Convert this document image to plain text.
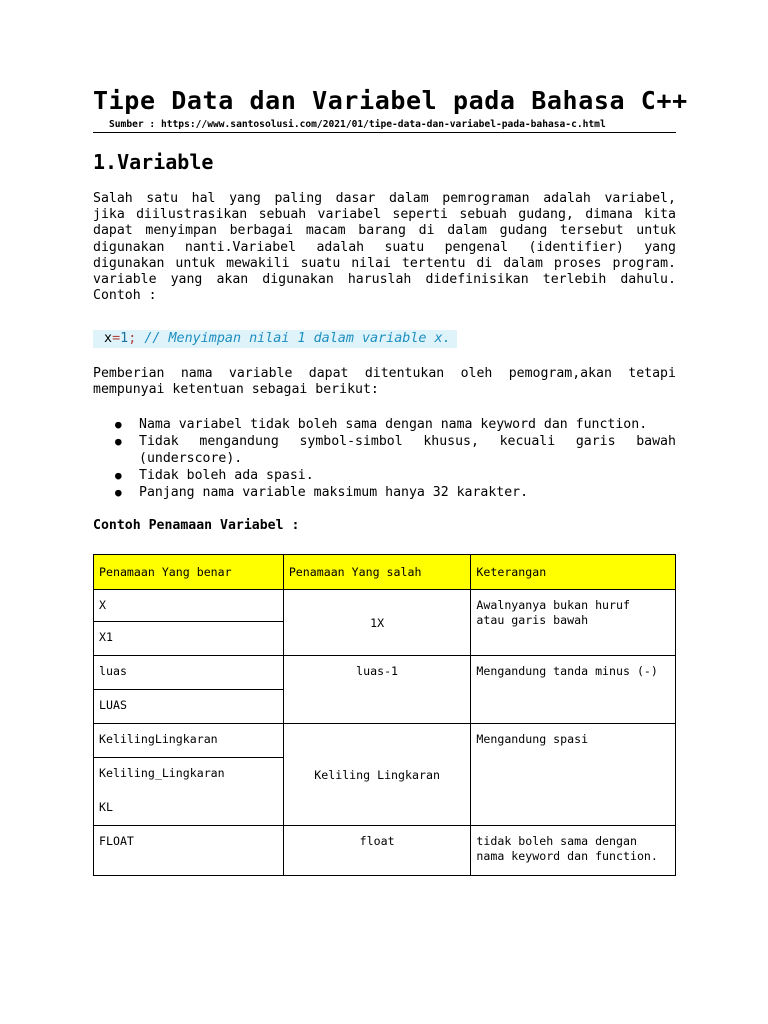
Tipe Data dan Variabel pada Bahasa C++
Sumber : https://www.santosolusi.com/2021/01/tipe-data-dan-variabel-pada-bahasa-c.html
1.Variable
Salah satu hal yang paling dasar dalam pemrograman adalah variabel,
jika diilustrasikan sebuah variabel seperti sebuah gudang, dimana kita
dapat menyimpan berbagai macam barang di dalam gudang tersebut untuk
digunakan nanti.Variabel adalah suatu pengenal (identifier) yang
digunakan untuk mewakili suatu nilai tertentu di dalam proses program.
variable yang akan digunakan haruslah didefinisikan terlebih dahulu.
Contoh :
x=1; // Menyimpan nilai 1 dalam variable x.
Pemberian nama variable dapat ditentukan oleh pemogram,akan tetapi
mempunyai ketentuan sebagai berikut:
● Nama variabel tidak boleh sama dengan nama keyword dan function.
● Tidak mengandung symbol-simbol khusus, kecuali garis bawah
(underscore).
● Tidak boleh ada spasi.
● Panjang nama variable maksimum hanya 32 karakter.
Contoh Penamaan Variabel :
Penamaan Yang benar	Penamaan Yang salah	Keterangan

X	1X	Awalnyanya bukan huruf
atau garis bawah

X1		

luas	luas-1	Mengandung tanda minus (-)

LUAS		

KelilingLingkaran	Keliling Lingkaran	Mengandung spasi

Keliling_Lingkaran		

KL		

FLOAT	float	tidak boleh sama dengan
nama keyword dan function.
